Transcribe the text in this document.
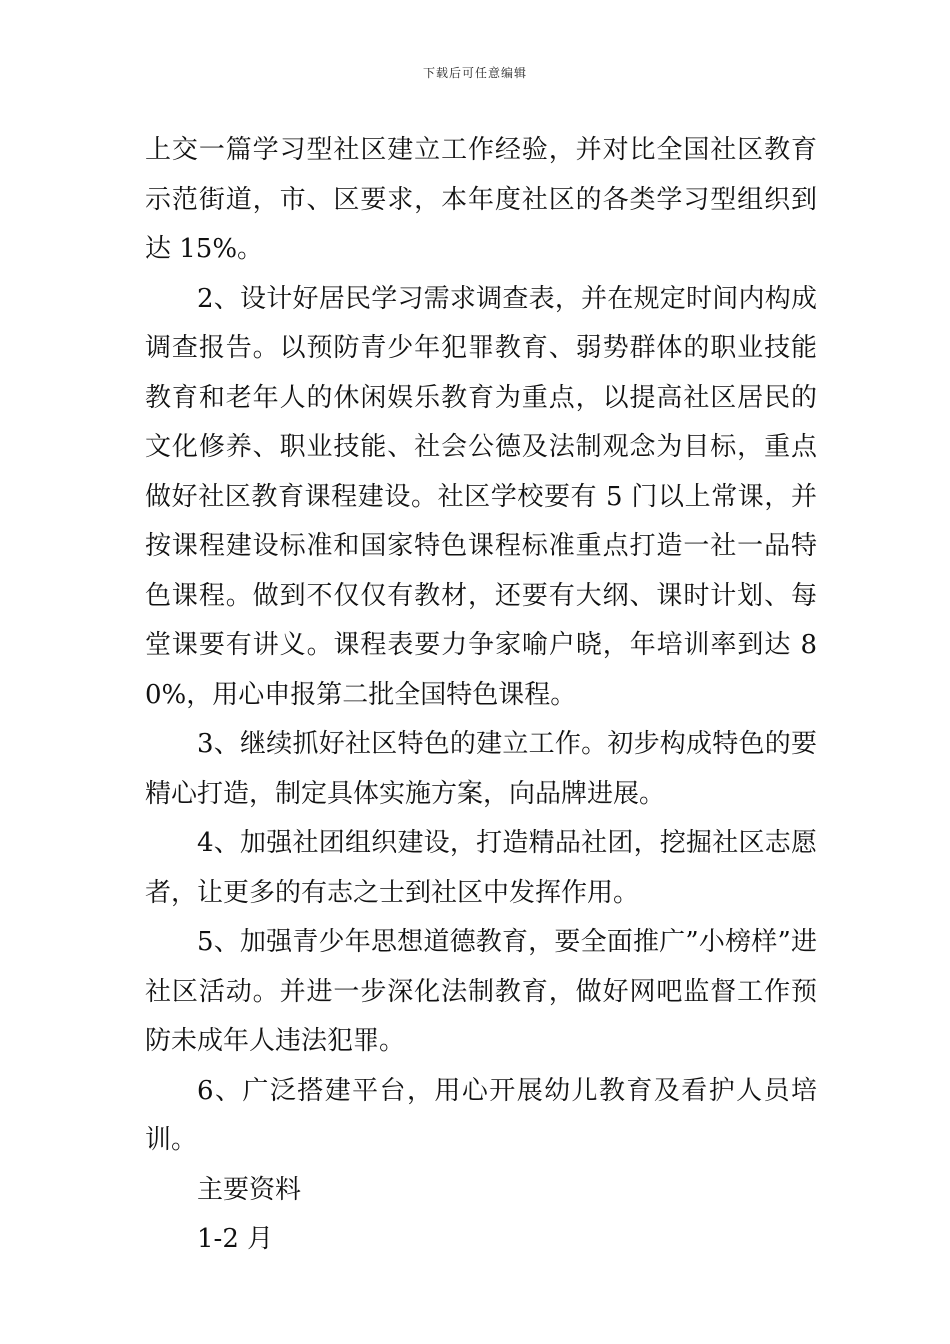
下载后可任意编辑

上交一篇学习型社区建立工作经验，并对比全国社区教育示范街道，市、区要求，本年度社区的各类学习型组织到达 15%。

2、设计好居民学习需求调查表，并在规定时间内构成调查报告。以预防青少年犯罪教育、弱势群体的职业技能教育和老年人的休闲娱乐教育为重点，以提高社区居民的文化修养、职业技能、社会公德及法制观念为目标，重点做好社区教育课程建设。社区学校要有 5 门以上常课，并按课程建设标准和国家特色课程标准重点打造一社一品特色课程。做到不仅仅有教材，还要有大纲、课时计划、每堂课要有讲义。课程表要力争家喻户晓，年培训率到达 80%，用心申报第二批全国特色课程。

3、继续抓好社区特色的建立工作。初步构成特色的要精心打造，制定具体实施方案，向品牌进展。

4、加强社团组织建设，打造精品社团，挖掘社区志愿者，让更多的有志之士到社区中发挥作用。

5、加强青少年思想道德教育，要全面推广”小榜样”进社区活动。并进一步深化法制教育，做好网吧监督工作预防未成年人违法犯罪。

6、广泛搭建平台，用心开展幼儿教育及看护人员培训。

主要资料

1-2 月
